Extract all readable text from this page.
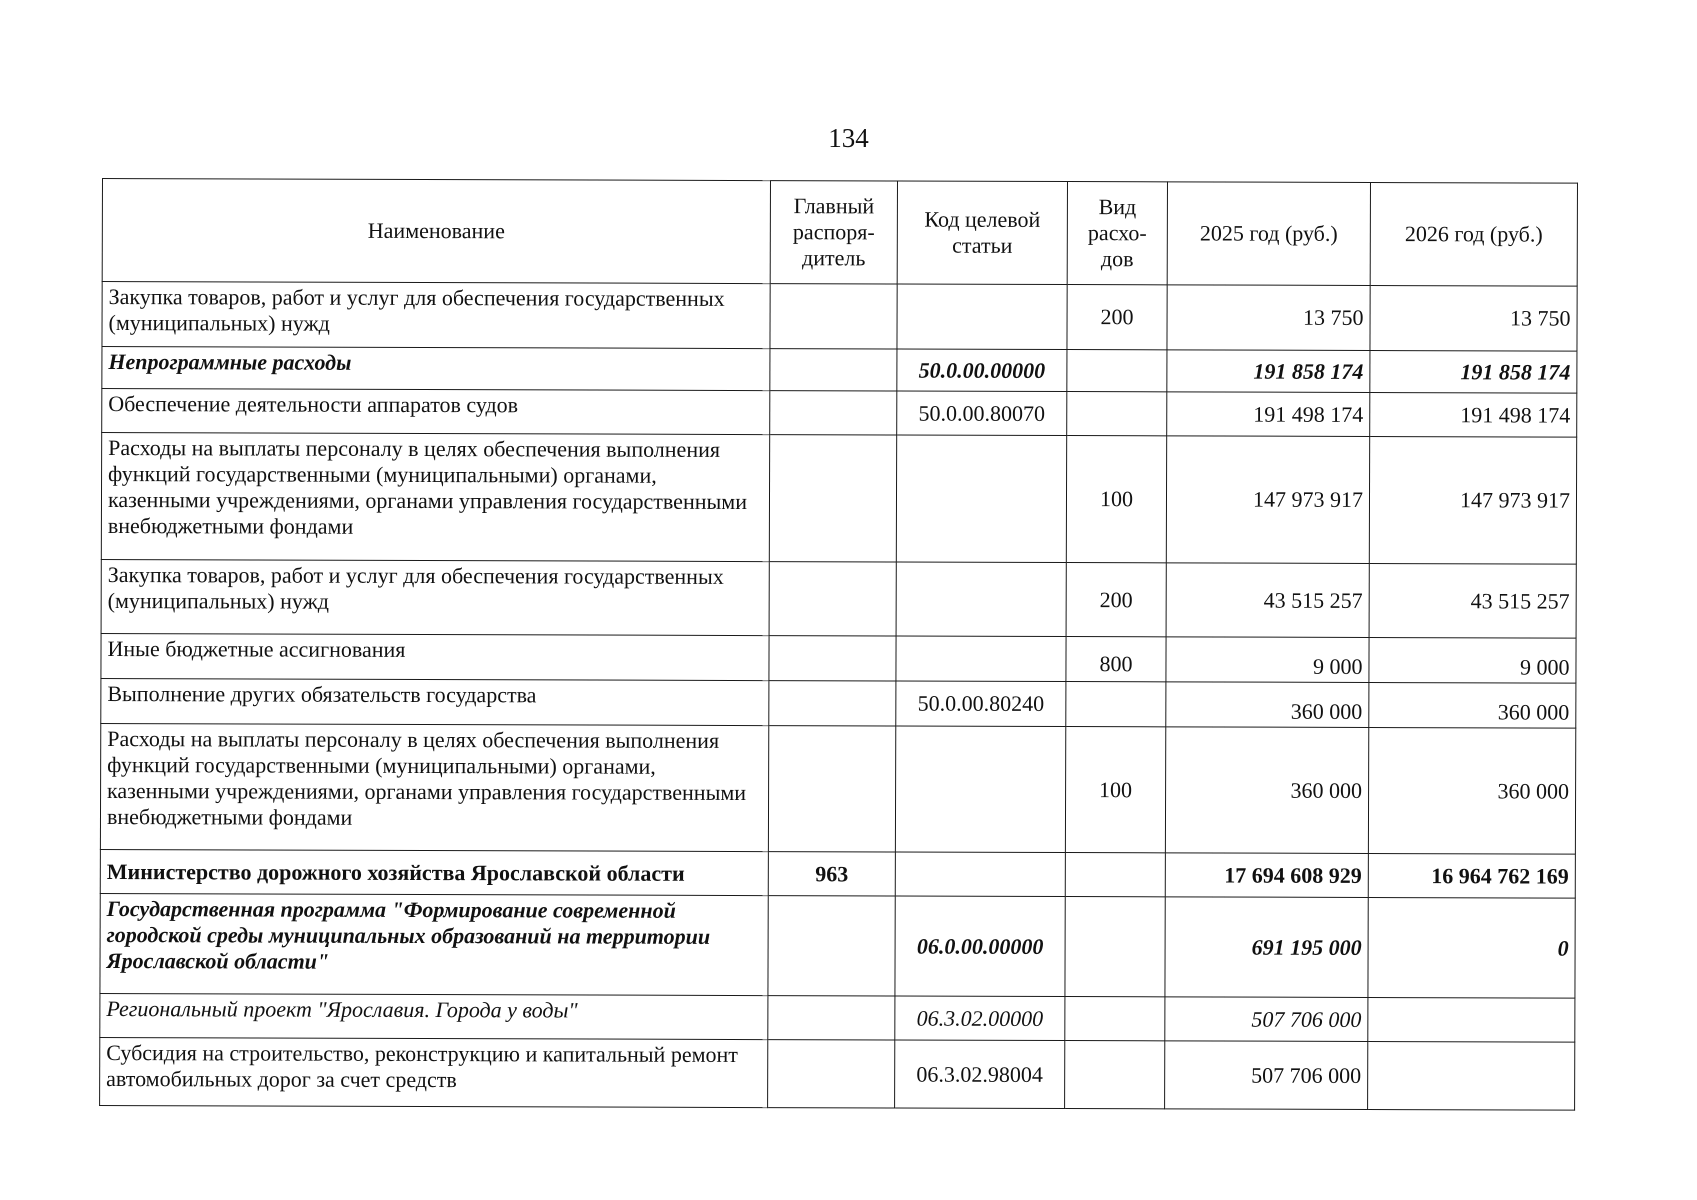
134
Наименование	Главный распоря-дитель	Код целевой статьи	Вид расхо-дов	2025 год (руб.)	2026 год (руб.)

Закупка товаров, работ и услуг для обеспечения государственных (муниципальных) нужд			200	13 750	13 750

Непрограммные расходы		50.0.00.00000		191 858 174	191 858 174

Обеспечение деятельности аппаратов судов		50.0.00.80070		191 498 174	191 498 174

Расходы на выплаты персоналу в целях обеспечения выполнения функций государственными (муниципальными) органами, казенными учреждениями, органами управления государственными внебюджетными фондами			100	147 973 917	147 973 917

Закупка товаров, работ и услуг для обеспечения государственных (муниципальных) нужд			200	43 515 257	43 515 257

Иные бюджетные ассигнования			800	9 000	9 000

Выполнение других обязательств государства		50.0.00.80240		360 000	360 000

Расходы на выплаты персоналу в целях обеспечения выполнения функций государственными (муниципальными) органами, казенными учреждениями, органами управления государственными внебюджетными фондами			100	360 000	360 000
Министерство дорожного хозяйства Ярославской области	963			17 694 608 929	16 964 762 169

Государственная программа "Формирование современной городской среды муниципальных образований на территории Ярославской области"		06.0.00.00000		691 195 000	0

Региональный проект "Ярославия. Города у воды"		06.3.02.00000		507 706 000	

Субсидия на строительство, реконструкцию и капитальный ремонт автомобильных дорог за счет средств		06.3.02.98004		507 706 000	
